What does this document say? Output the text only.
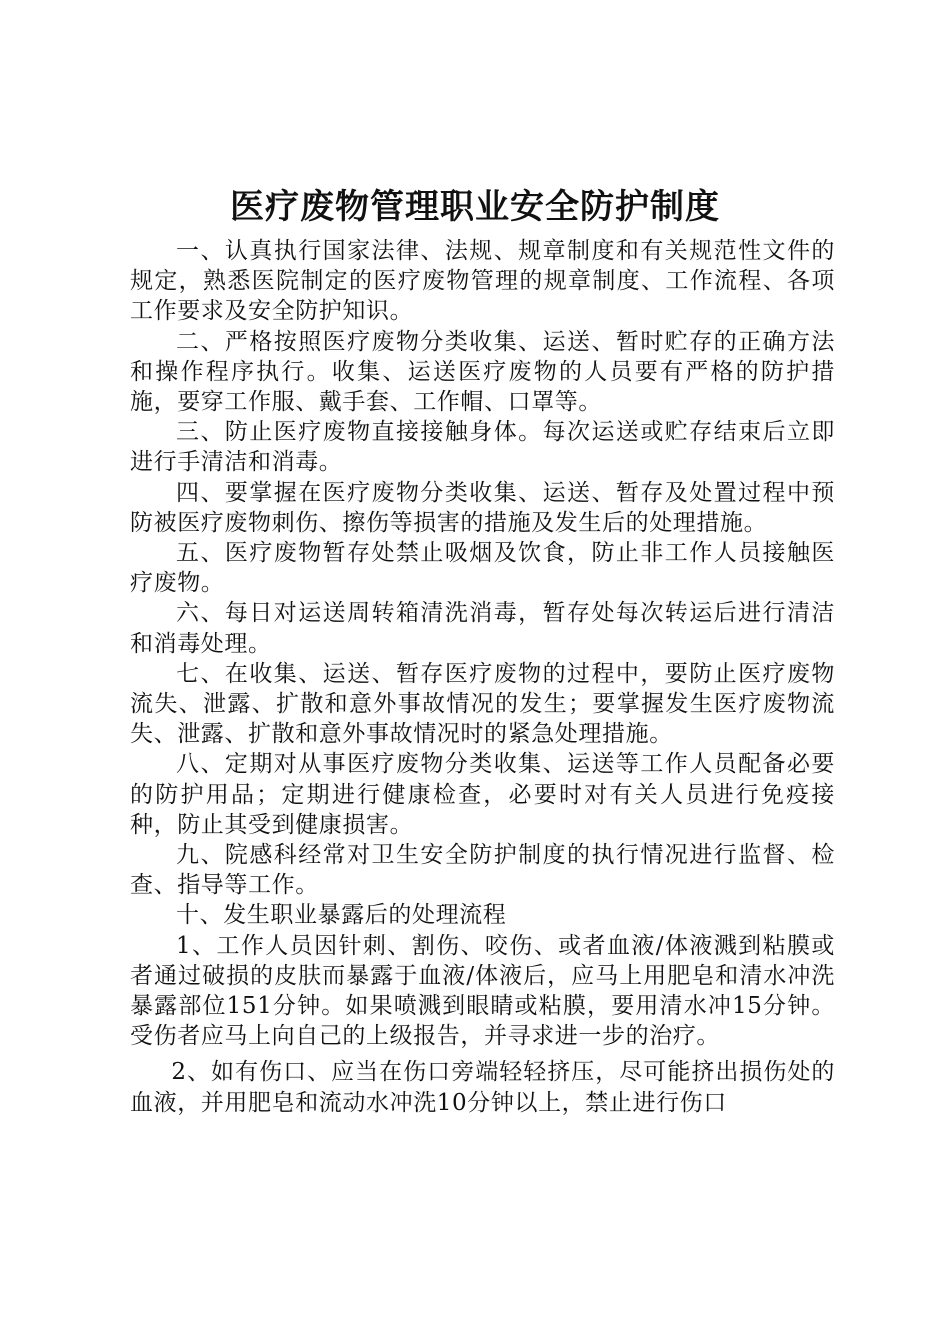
医疗废物管理职业安全防护制度

一、认真执行国家法律、法规、规章制度和有关规范性文件的规定，熟悉医院制定的医疗废物管理的规章制度、工作流程、各项工作要求及安全防护知识。

二、严格按照医疗废物分类收集、运送、暂时贮存的正确方法和操作程序执行。收集、运送医疗废物的人员要有严格的防护措施，要穿工作服、戴手套、工作帽、口罩等。

三、防止医疗废物直接接触身体。每次运送或贮存结束后立即进行手清洁和消毒。

四、要掌握在医疗废物分类收集、运送、暂存及处置过程中预防被医疗废物刺伤、擦伤等损害的措施及发生后的处理措施。

五、医疗废物暂存处禁止吸烟及饮食，防止非工作人员接触医疗废物。

六、每日对运送周转箱清洗消毒，暂存处每次转运后进行清洁和消毒处理。

七、在收集、运送、暂存医疗废物的过程中，要防止医疗废物流失、泄露、扩散和意外事故情况的发生；要掌握发生医疗废物流失、泄露、扩散和意外事故情况时的紧急处理措施。

八、定期对从事医疗废物分类收集、运送等工作人员配备必要的防护用品；定期进行健康检查，必要时对有关人员进行免疫接种，防止其受到健康损害。

九、院感科经常对卫生安全防护制度的执行情况进行监督、检查、指导等工作。

十、发生职业暴露后的处理流程

1、工作人员因针刺、割伤、咬伤、或者血液/体液溅到粘膜或者通过破损的皮肤而暴露于血液/体液后，应马上用肥皂和清水冲洗暴露部位151分钟。如果喷溅到眼睛或粘膜，要用清水冲15分钟。受伤者应马上向自己的上级报告，并寻求进一步的治疗。

2、如有伤口、应当在伤口旁端轻轻挤压，尽可能挤出损伤处的血液，并用肥皂和流动水冲洗10分钟以上，禁止进行伤口
